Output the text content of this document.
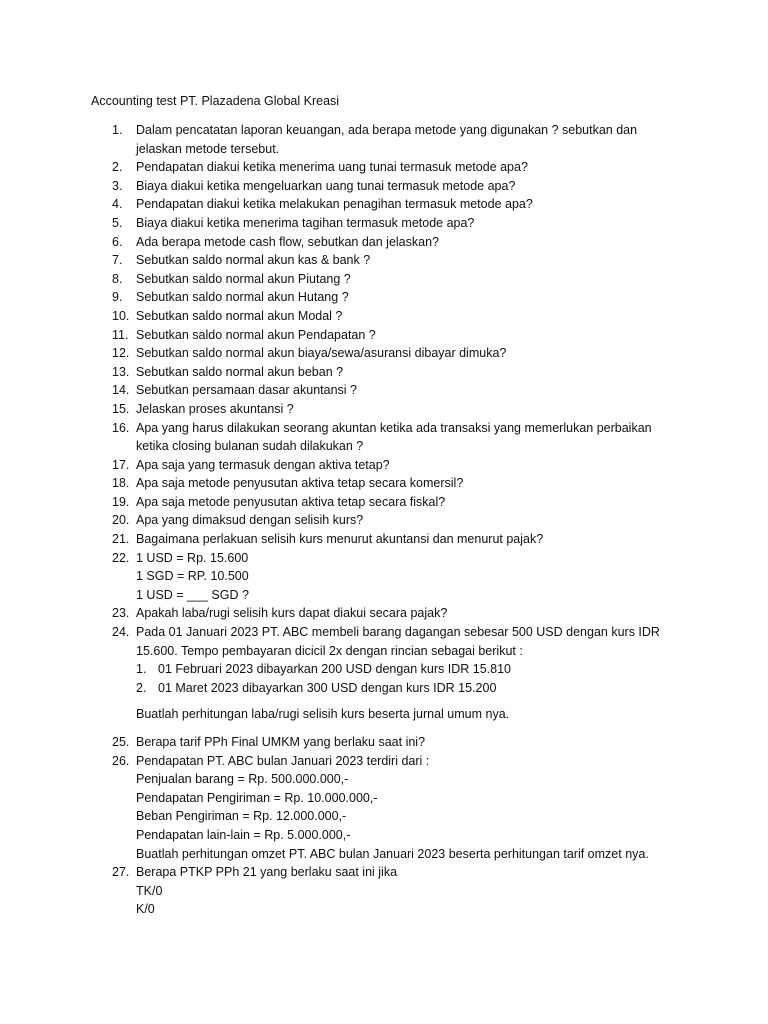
Accounting test PT. Plazadena Global Kreasi
1.	Dalam pencatatan laporan keuangan, ada berapa metode yang digunakan ? sebutkan dan
jelaskan metode tersebut.
2.	Pendapatan diakui ketika menerima uang tunai termasuk metode apa?
3.	Biaya diakui ketika mengeluarkan uang tunai termasuk metode apa?
4.	Pendapatan diakui ketika melakukan penagihan termasuk metode apa?
5.	Biaya diakui ketika menerima tagihan termasuk metode apa?
6.	Ada berapa metode cash flow, sebutkan dan jelaskan?
7.	Sebutkan saldo normal akun kas & bank ?
8.	Sebutkan saldo normal akun Piutang ?
9.	Sebutkan saldo normal akun Hutang ?
10. Sebutkan saldo normal akun Modal ?
11. Sebutkan saldo normal akun Pendapatan ?
12. Sebutkan saldo normal akun biaya/sewa/asuransi dibayar dimuka?
13. Sebutkan saldo normal akun beban ?
14. Sebutkan persamaan dasar akuntansi ?
15. Jelaskan proses akuntansi ?
16. Apa yang harus dilakukan seorang akuntan ketika ada transaksi yang memerlukan perbaikan
ketika closing bulanan sudah dilakukan ?
17. Apa saja yang termasuk dengan aktiva tetap?
18. Apa saja metode penyusutan aktiva tetap secara komersil?
19. Apa saja metode penyusutan aktiva tetap secara fiskal?
20. Apa yang dimaksud dengan selisih kurs?
21. Bagaimana perlakuan selisih kurs menurut akuntansi dan menurut pajak?
22. 1 USD = Rp. 15.600
1 SGD = RP. 10.500
1 USD = ___ SGD ?
23. Apakah laba/rugi selisih kurs dapat diakui secara pajak?
24. Pada 01 Januari 2023 PT. ABC membeli barang dagangan sebesar 500 USD dengan kurs IDR
15.600. Tempo pembayaran dicicil 2x dengan rincian sebagai berikut :
1. 01 Februari 2023 dibayarkan 200 USD dengan kurs IDR 15.810
2. 01 Maret 2023 dibayarkan 300 USD dengan kurs IDR 15.200
Buatlah perhitungan laba/rugi selisih kurs beserta jurnal umum nya.
25. Berapa tarif PPh Final UMKM yang berlaku saat ini?
26. Pendapatan PT. ABC bulan Januari 2023 terdiri dari :
Penjualan barang = Rp. 500.000.000,-
Pendapatan Pengiriman = Rp. 10.000.000,-
Beban Pengiriman = Rp. 12.000.000,-
Pendapatan lain-lain = Rp. 5.000.000,-
Buatlah perhitungan omzet PT. ABC bulan Januari 2023 beserta perhitungan tarif omzet nya.
27. Berapa PTKP PPh 21 yang berlaku saat ini jika
TK/0
K/0
